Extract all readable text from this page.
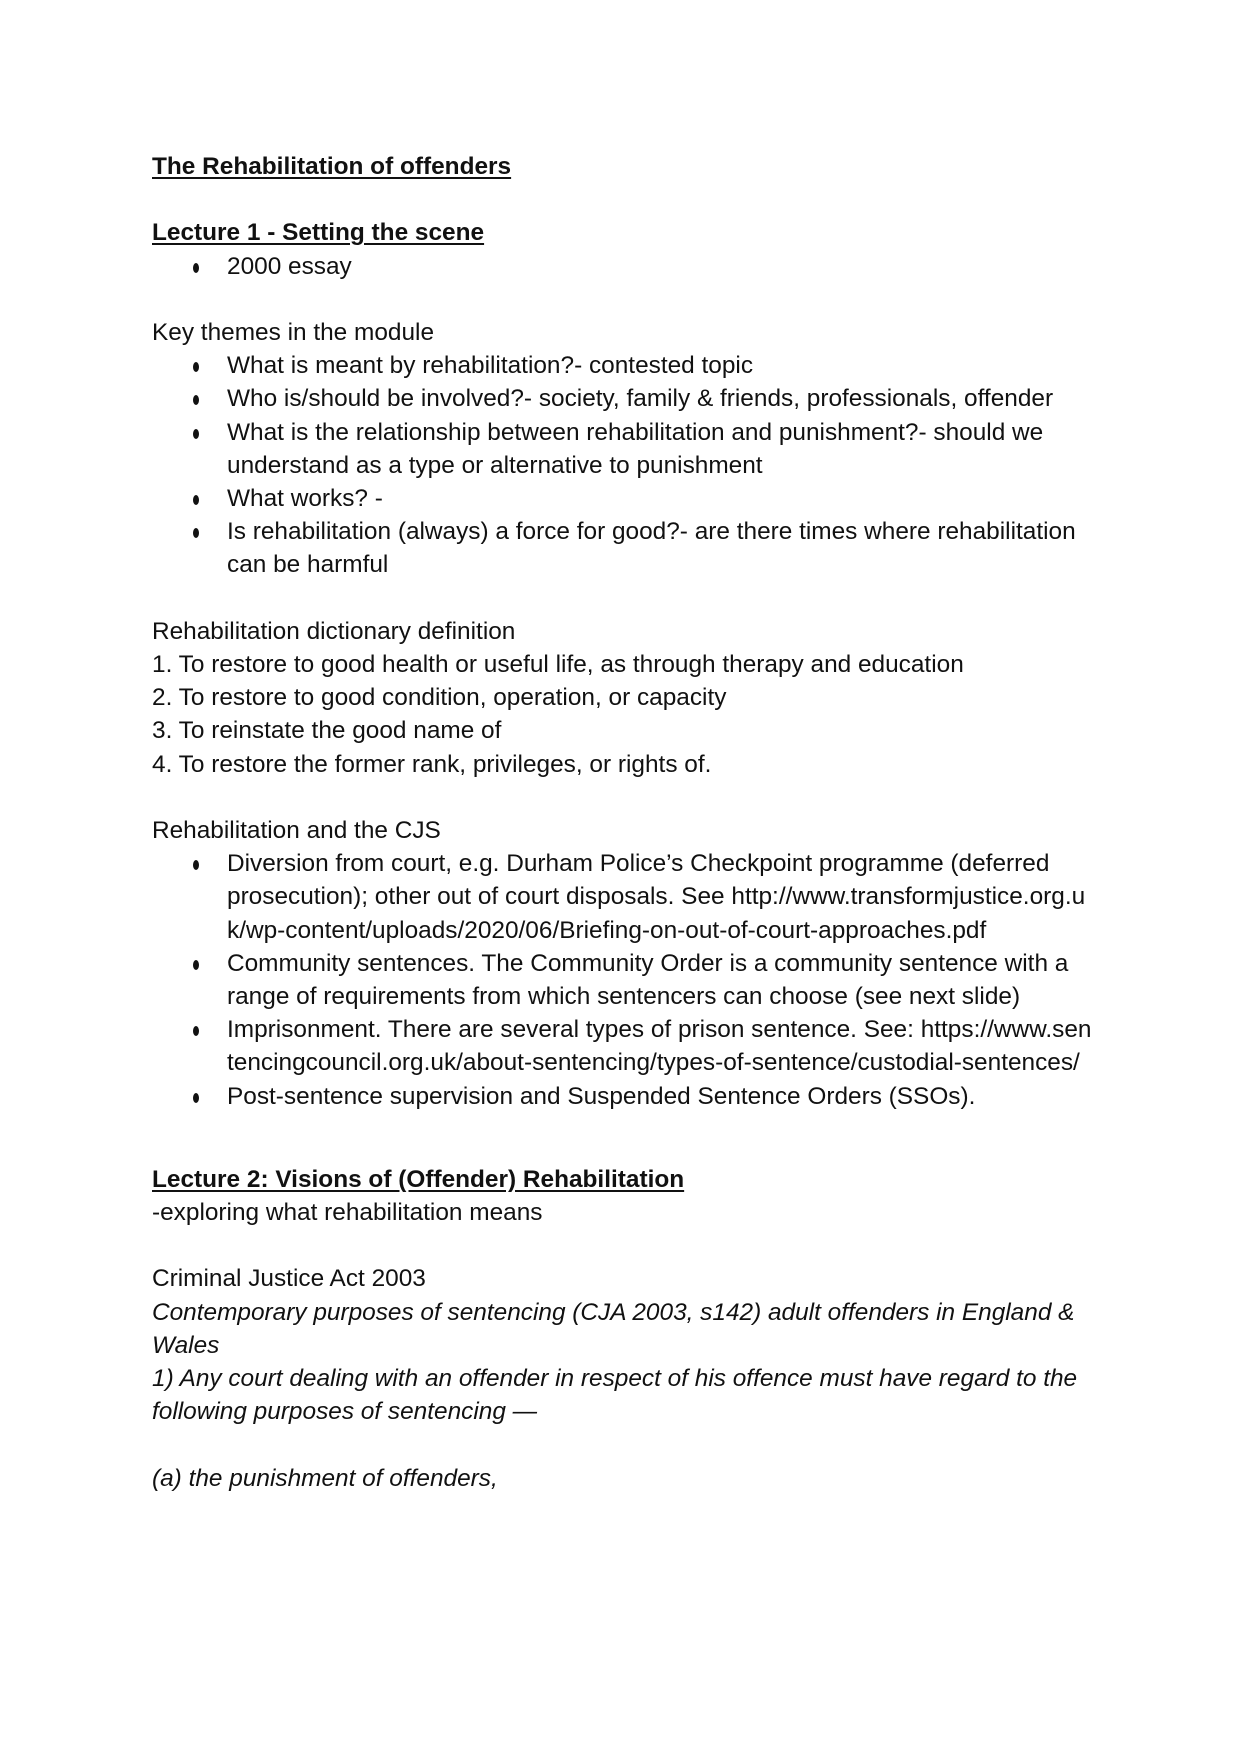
The Rehabilitation of offenders

Lecture 1 - Setting the scene

2000 essay

Key themes in the module

What is meant by rehabilitation?- contested topic
Who is/should be involved?- society, family & friends, professionals, offender
What is the relationship between rehabilitation and punishment?- should we understand as a type or alternative to punishment
What works? -
Is rehabilitation (always) a force for good?- are there times where rehabilitation can be harmful

Rehabilitation dictionary definition

1. To restore to good health or useful life, as through therapy and education

2. To restore to good condition, operation, or capacity

3. To reinstate the good name of

4. To restore the former rank, privileges, or rights of.

Rehabilitation and the CJS

Diversion from court, e.g. Durham Police’s Checkpoint programme (deferred prosecution); other out of court disposals. See http://www.transformjustice.org.uk/wp-content/uploads/2020/06/Briefing-on-out-of-court-approaches.pdf
Community sentences. The Community Order is a community sentence with a range of requirements from which sentencers can choose (see next slide)
Imprisonment. There are several types of prison sentence. See: https://www.sentencingcouncil.org.uk/about-sentencing/types-of-sentence/custodial-sentences/
Post-sentence supervision and Suspended Sentence Orders (SSOs).

Lecture 2: Visions of (Offender) Rehabilitation

-exploring what rehabilitation means

Criminal Justice Act 2003

Contemporary purposes of sentencing (CJA 2003, s142) adult offenders in England & Wales

1) Any court dealing with an offender in respect of his offence must have regard to the following purposes of sentencing —

(a) the punishment of offenders,
